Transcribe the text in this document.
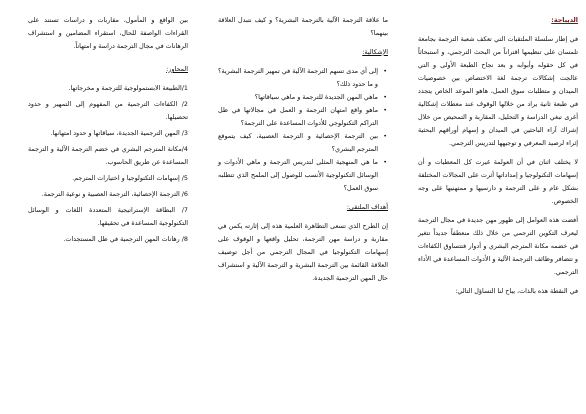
الديباجة:

في إطار سلسلة الملتقيات التي تعكف شعبة الترجمة بجامعة تلمسان على تنظيمها اقتراناً من البحث الترجمي، و استبحاثاً في كل حقوله وأبوابه و بعد نجاح الطبعة الأولى و التي عالجت إشكالات ترجمة لغة الاختصاص بين خصوصيات الميدان و متطلبات سوق العمل، هاهو الموعد الخاص يتجدد في طبعة ثانية يراد من خلالها الوقوف عند معطلات إشكالية أغرى تبغي الدراسة و التحليل، المقاربة و التمحيص من خلال إشراك آراء الباحثين في الميدان و إسهام أوراقهم البحثية إثراء لرصيد المعرفي و توجيهها لتدريس الترجمي.

لا يختلف اثنان في أن العولمة غيرت كل المعطيات و أن إسهامات التكنولوجيا و إمداداتها أثرت على المجالات المختلفة بشكل عام و على الترجمة و دارسيها و ممتهنيها على وجه الخصوص.

أفضت هذه العوامل إلى ظهور مهن جديدة في مجال الترجمة ليعرف التكوين الترجمي من خلال ذلك منعطفاً جديداً تتغير في خضمه مكانة المترجم البشري و أدوار فتتساوق الكفاءات و تتضافر وظائف الترجمة الآلية و الأدوات المساعدة في الأداء الترجمي.

في النقطة هذه بالذات، يباح لنا التساؤل التالي:

ما علاقة الترجمة الآلية بالترجمة البشرية؟ و كيف نتبدل العلاقة بينهما؟

الإشكالية:

•
إلى أي مدى تسهم الترجمة الآلية في تمهير الترجمة البشرية؟ و ما حدود ذلك؟
•
ماهي المهن الجديدة للترجمة و ماهي سياقاتها؟
•
ماهو واقع امتهان الترجمة و العمل في مجالاتها في ظل التراكم التكنولوجي للأدوات المساعدة على الترجمة؟
•
بين الترجمة الإحصائية و الترجمة العصبية، كيف يتموقع المترجم البشري؟
•
ما هي المنهجية المثلى لتدريس الترجمة و ماهي الأدوات و الوسائل التكنولوجية الأنسب للوصول إلى الملمح الذي تتطلبه سوق العمل؟

أهداف الملتقى:

إن الطرح الذي تسعى التظاهرة العلمية هذه إلى إثارته يكمن في مقاربة و دراسة مهن الترجمة، تحليل واقعها و الوقوف على إسهامات التكنولوجيا في المجال الترجمي من أجل توصيف العلاقة القائمة بين الترجمة البشرية و الترجمة الآلية و استشراف حال المهن الترجمية الجديدة.

بين الواقع و المأمول، مقاربات و دراسات تستند على القراءات الواصفة للحال، استقراء المضامين و استشراف الرهانات في مجال الترجمة دراسة و امتهاناً.

المحاور:

1/الطبيعة الابستمولوجية للترجمة و مخرجاتها.

2/ الكفاءات الترجمية من المفهوم إلى التمهير و حدود تحصيلها.

3/ المهن الترجمية الجديدة، سياقاتها و حدود امتهانها.

4/مكانة المترجم البشري في خضم الترجمة الآلية و الترجمة المساعدة عن طريق الحاسوب.

5/ إسهامات التكنولوجيا و اختيارات المترجم.

6/ الترجمة الإحصائية، الترجمة العصبية و نوعية الترجمة.

7/ البطاقة الإستراتيجية المتعددة اللغات و الوسائل التكنولوجية المساعدة في تحقيقها.

8/ رهانات المهن الترجمية في ظل المستجدات.
